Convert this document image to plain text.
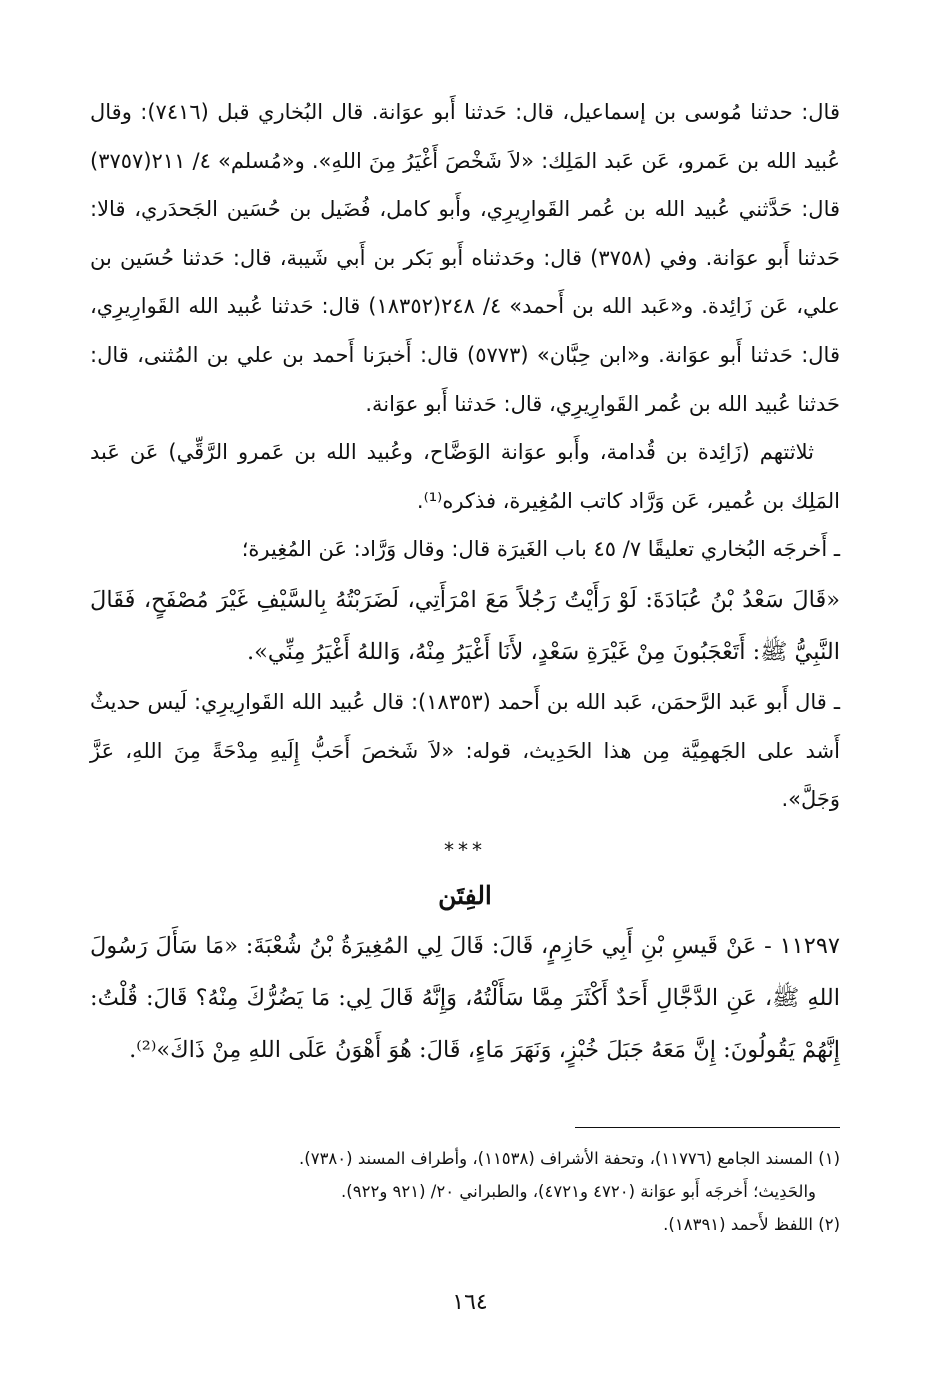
قال: حدثنا مُوسى بن إسماعيل، قال: حَدثنا أَبو عوَانة. قال البُخاري قبل (٧٤١٦): وقال عُبيد الله بن عَمرو، عَن عَبد المَلِك: «لاَ شَخْصَ أَغْيَرُ مِنَ اللهِ». و«مُسلم» ٤/ ٢١١(٣٧٥٧) قال: حَدَّثني عُبيد الله بن عُمر القَوارِيرِي، وأَبو كامل، فُضَيل بن حُسَين الجَحدَري، قالا: حَدثنا أَبو عوَانة. وفي (٣٧٥٨) قال: وحَدثناه أَبو بَكر بن أَبي شَيبة، قال: حَدثنا حُسَين بن علي، عَن زَائِدة. و«عَبد الله بن أَحمد» ٤/ ٢٤٨(١٨٣٥٢) قال: حَدثنا عُبيد الله القَوارِيرِي، قال: حَدثنا أَبو عوَانة. و«ابن حِبَّان» (٥٧٧٣) قال: أَخبرَنا أَحمد بن علي بن المُثنى، قال: حَدثنا عُبيد الله بن عُمر القَوارِيرِي، قال: حَدثنا أَبو عوَانة.

ثلاثتهم (زَائِدة بن قُدامة، وأَبو عوَانة الوَضَّاح، وعُبيد الله بن عَمرو الرَّقِّي) عَن عَبد المَلِك بن عُمير، عَن وَرَّاد كاتب المُغِيرة، فذكره⁽¹⁾.

ـ أَخرجَه البُخاري تعليقًا ٧/ ٤٥ باب الغَيرَة قال: وقال وَرَّاد: عَن المُغِيرة؛

«قَالَ سَعْدُ بْنُ عُبَادَةَ: لَوْ رَأَيْتُ رَجُلاً مَعَ امْرَأَتِي، لَضَرَبْتُهُ بِالسَّيْفِ غَيْرَ مُصْفَحٍ، فَقَالَ النَّبِيُّ ﷺ: أَتَعْجَبُونَ مِنْ غَيْرَةِ سَعْدٍ، لأَنَا أَغْيَرُ مِنْهُ، وَاللهُ أَغْيَرُ مِنِّي».

ـ قال أَبو عَبد الرَّحمَن، عَبد الله بن أَحمد (١٨٣٥٣): قال عُبيد الله القَوارِيرِي: لَيس حديثٌ أَشد على الجَهمِيَّة مِن هذا الحَدِيث، قوله: «لاَ شَخصَ أَحَبُّ إِلَيهِ مِدْحَةً مِنَ اللهِ، عَزَّ وَجَلَّ».

***
الفِتَن

١١٢٩٧ - عَنْ قَيسِ بْنِ أَبِي حَازِمٍ، قَالَ: قَالَ لِي المُغِيرَةُ بْنُ شُعْبَةَ: «مَا سَأَلَ رَسُولَ اللهِ ﷺ، عَنِ الدَّجَّالِ أَحَدٌ أَكْثَرَ مِمَّا سَأَلْتُهُ، وَإِنَّهُ قَالَ لِي: مَا يَضُرُّكَ مِنْهُ؟ قَالَ: قُلْتُ: إِنَّهُمْ يَقُولُونَ: إِنَّ مَعَهُ جَبَلَ خُبْزٍ، وَنَهَرَ مَاءٍ، قَالَ: هُوَ أَهْوَنُ عَلَى اللهِ مِنْ ذَاكَ»⁽²⁾.

(١) المسند الجامع (١١٧٧٦)، وتحفة الأشراف (١١٥٣٨)، وأطراف المسند (٧٣٨٠).

والحَدِيث؛ أَخرجَه أَبو عوَانة (٤٧٢٠ و٤٧٢١)، والطبراني ٢٠/ (٩٢١ و٩٢٢).

(٢) اللفظ لأَحمد (١٨٣٩١).

١٦٤
